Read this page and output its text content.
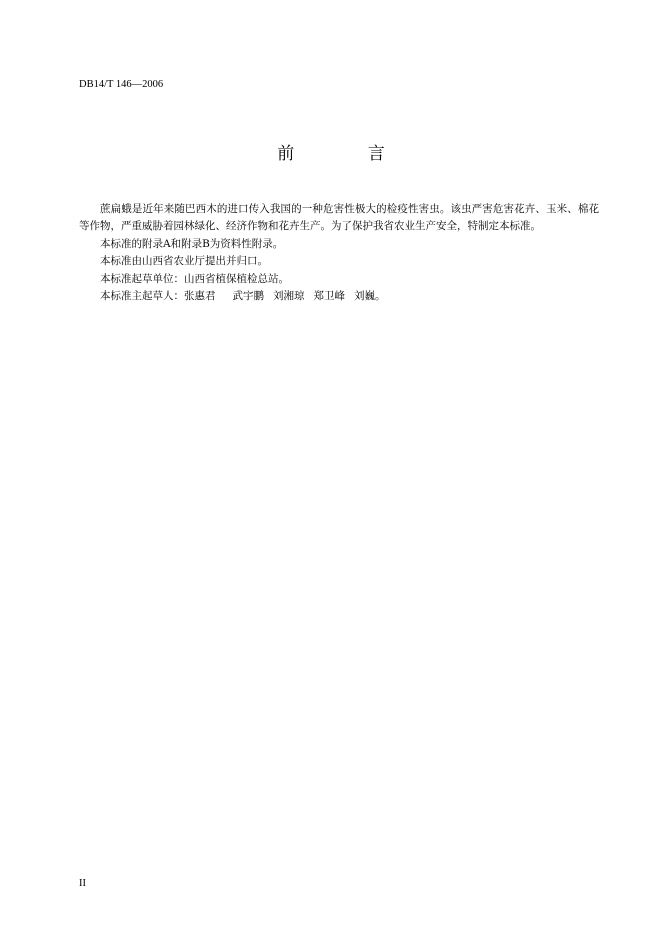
DB14/T 146—2006
前 言

蔗扁蛾是近年来随巴西木的进口传入我国的一种危害性极大的检疫性害虫。该虫严害危害花卉、玉米、棉花等作物，严重威胁着园林绿化、经济作物和花卉生产。为了保护我省农业生产安全，特制定本标准。

本标准的附录A和附录B为资料性附录。

本标准由山西省农业厅提出并归口。

本标准起草单位：山西省植保植检总站。

本标准主起草人：张惠君 武宇鹏 刘湘琼 郑卫峰 刘巍。

II
